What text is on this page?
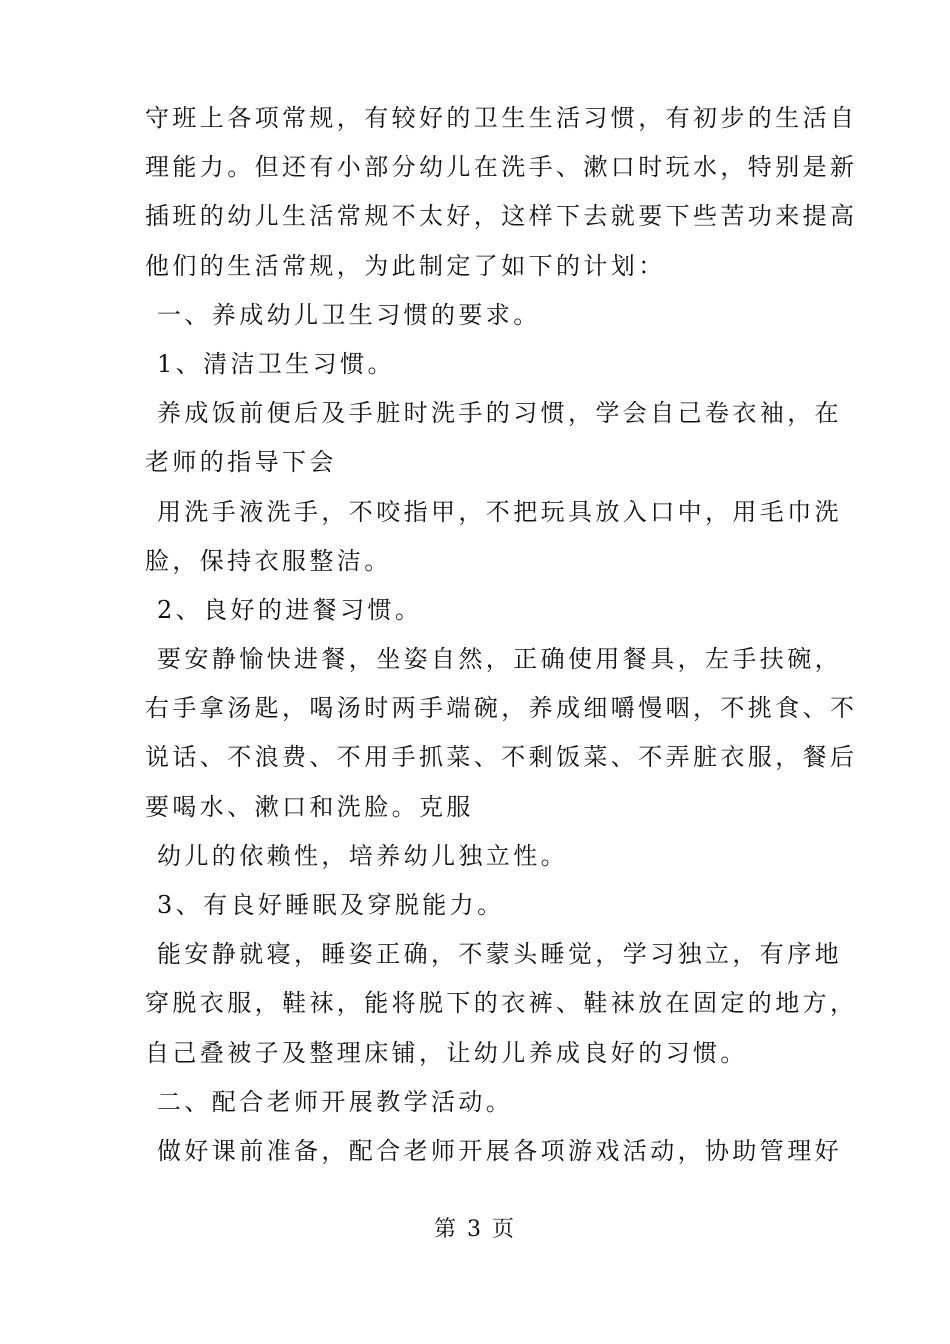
守班上各项常规，有较好的卫生生活习惯，有初步的生活自
理能力。但还有小部分幼儿在洗手、漱口时玩水，特别是新
插班的幼儿生活常规不太好，这样下去就要下些苦功来提高
他们的生活常规，为此制定了如下的计划：
一、养成幼儿卫生习惯的要求。
1、清洁卫生习惯。
养成饭前便后及手脏时洗手的习惯，学会自己卷衣袖，在
老师的指导下会
用洗手液洗手，不咬指甲，不把玩具放入口中，用毛巾洗
脸，保持衣服整洁。
2、良好的进餐习惯。
要安静愉快进餐，坐姿自然，正确使用餐具，左手扶碗，
右手拿汤匙，喝汤时两手端碗，养成细嚼慢咽，不挑食、不
说话、不浪费、不用手抓菜、不剩饭菜、不弄脏衣服，餐后
要喝水、漱口和洗脸。克服
幼儿的依赖性，培养幼儿独立性。
3、有良好睡眠及穿脱能力。
能安静就寝，睡姿正确，不蒙头睡觉，学习独立，有序地
穿脱衣服，鞋袜，能将脱下的衣裤、鞋袜放在固定的地方，
自己叠被子及整理床铺，让幼儿养成良好的习惯。
二、配合老师开展教学活动。
做好课前准备，配合老师开展各项游戏活动，协助管理好
第 3 页
